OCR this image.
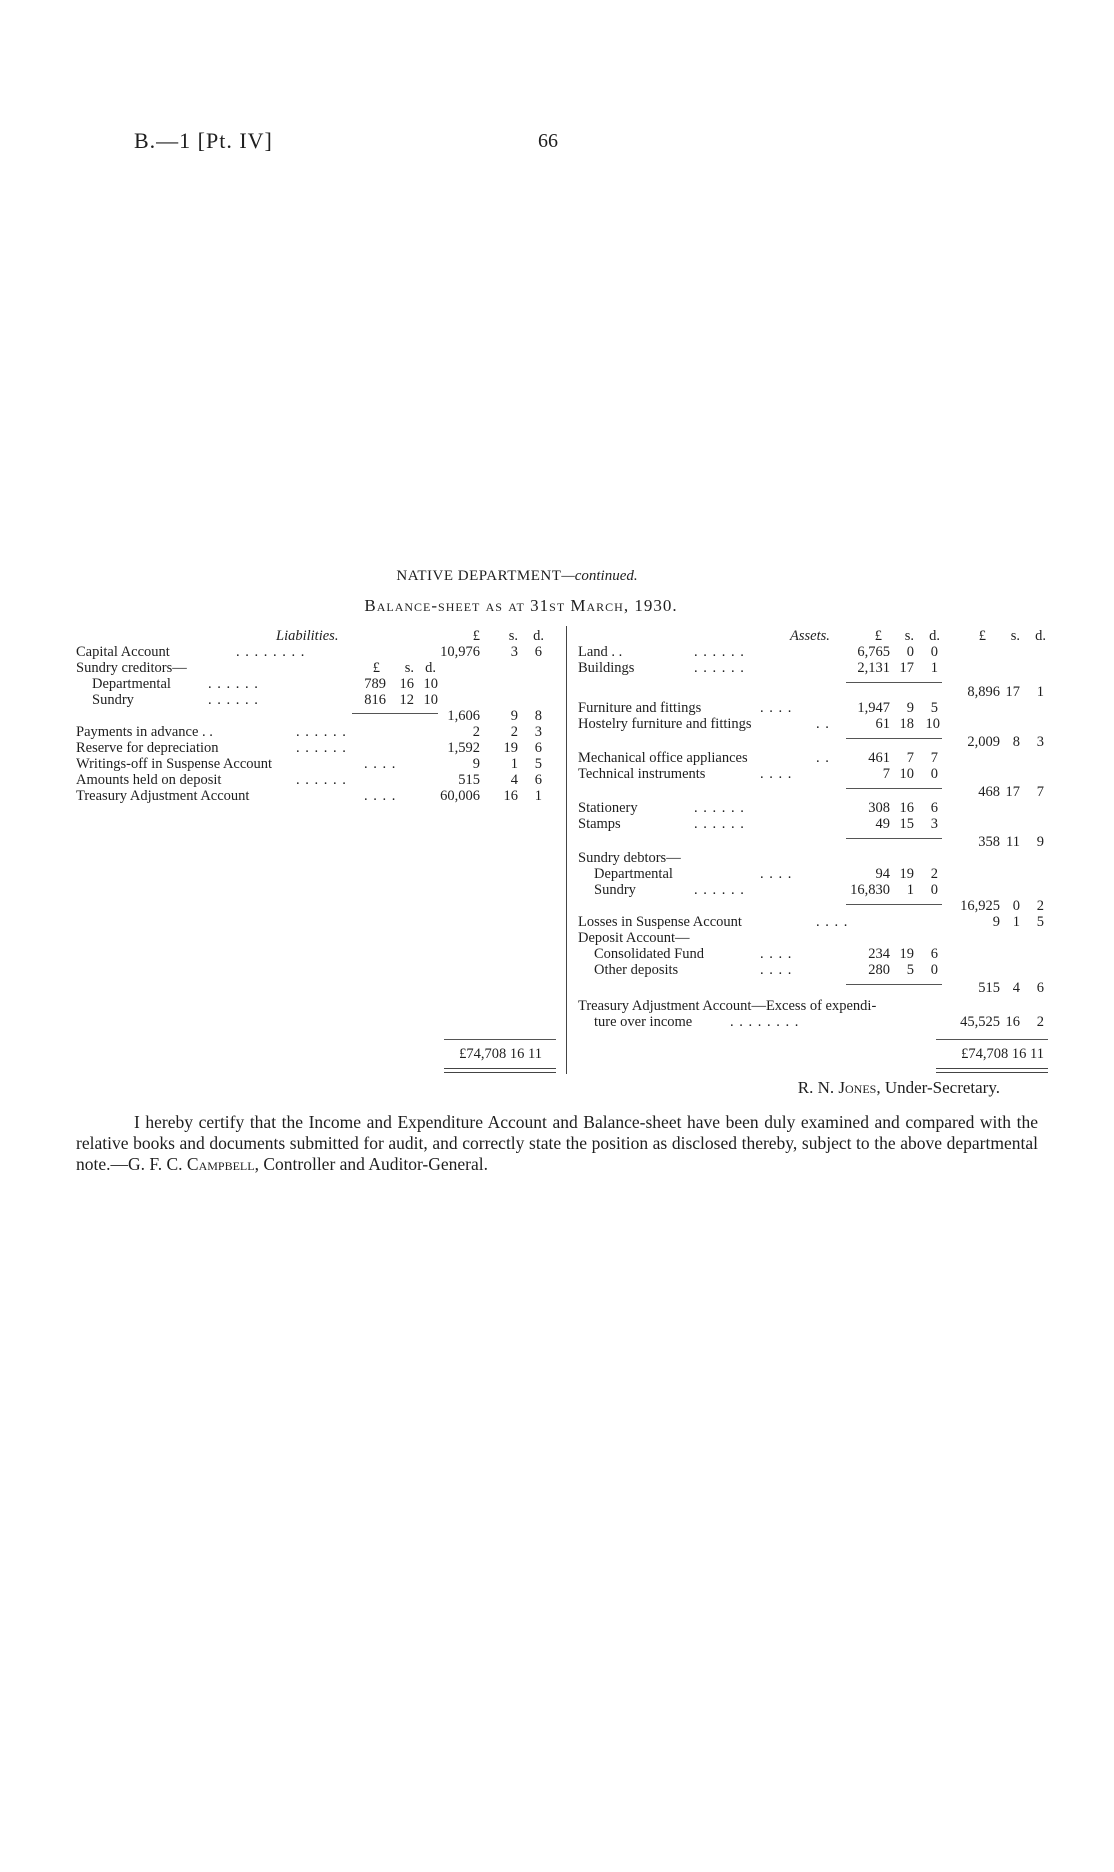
B.—1 [Pt. IV]	66
NATIVE DEPARTMENT—continued.
Balance-sheet as at 31st March, 1930.
Liabilities.	£	s.	d.
Capital Account	. . . . . . . .	10,976	3	6
Sundry creditors—	£	s. d.
Departmental	. . . . . .	789 16 10
Sundry	. . . . . .	816 12 10
1,606	9	8
Payments in advance . .	. . . . . .	2	2	3
Reserve for depreciation	. . . . . .	1,592	19	6
Writings-off in Suspense Account	. . . .	9	1	5
Amounts held on deposit	. . . . . .	515	4	6
Treasury Adjustment Account	. . . .	60,006	16	1
£74,708 16 11
Assets.	£	s.	d.	£	s.	d.
Land . .	. . . . . .	6,765	0	0
Buildings	. . . . . .	2,131 17	1
8,896 17	1
Furniture and fittings	. . . .	1,947	9	5
Hostelry furniture and fittings	. .	61 18 10
2,009 8	3
Mechanical office appliances	. .	461	7	7
Technical instruments	. . . .	7 10	0
468 17	7
Stationery	. . . . . .	308 16	6
Stamps	. . . . . .	49 15	3
358 11	9
Sundry debtors—
Departmental	. . . .	94 19	2
Sundry	. . . . . .	16,830	1	0
16,925 0	2
Losses in Suspense Account	. . . .	9 1	5
Deposit Account—
Consolidated Fund	. . . .	234 19	6
Other deposits	. . . .	280	5	0
515 4	6
Treasury Adjustment Account—Excess of expendi-
ture over income	. . . . . . . .	45,525 16	2
£74,708 16 11
R. N. Jones, Under-Secretary.
I hereby certify that the Income and Expenditure Account and Balance-sheet have been duly examined and compared with the relative books and documents submitted for audit, and correctly state the position as disclosed thereby, subject to the above departmental note.—G. F. C. Campbell, Controller and Auditor-General.
